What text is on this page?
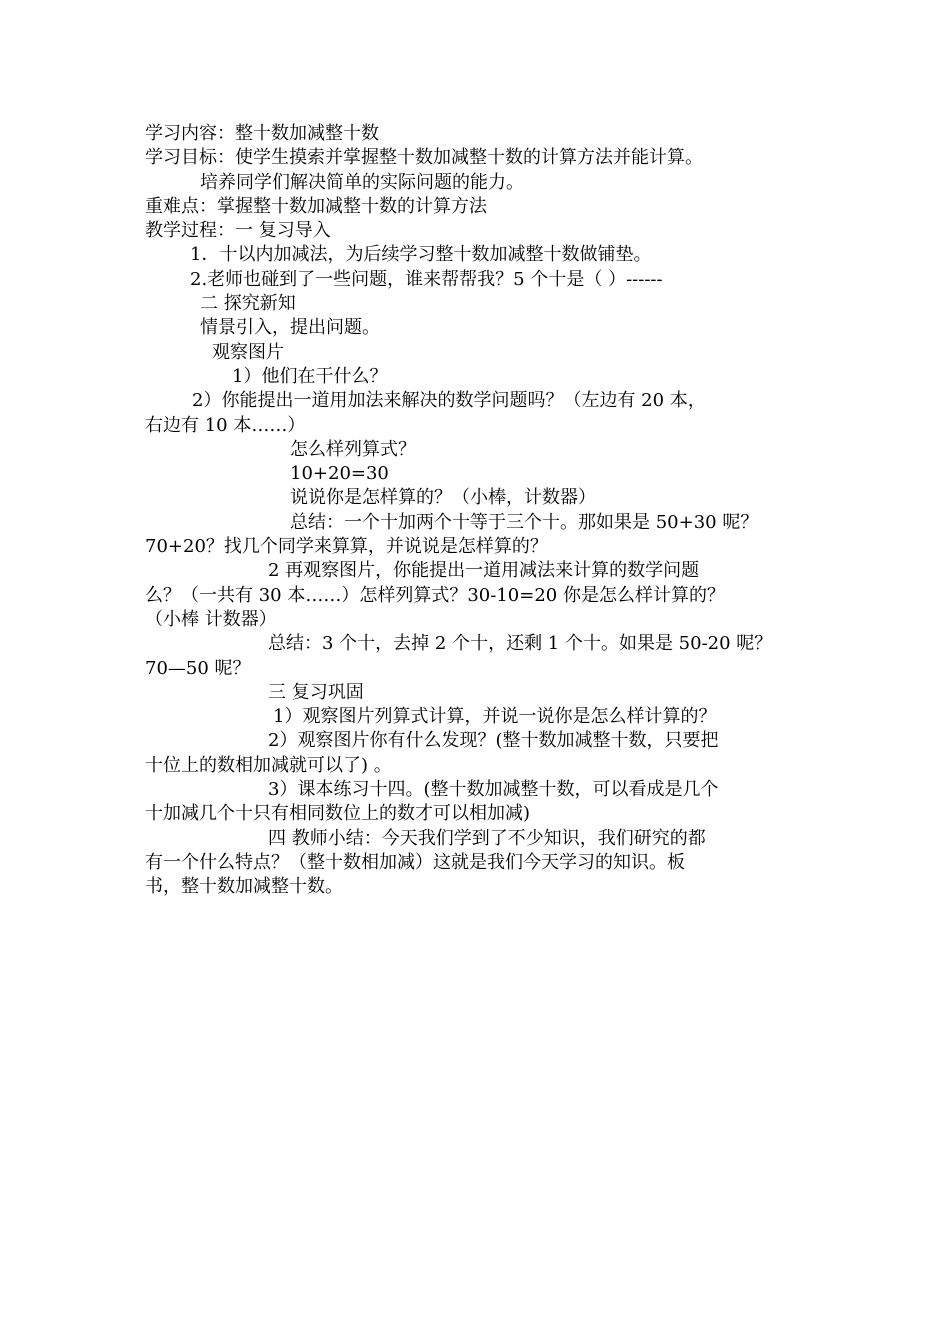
学习内容：整十数加减整十数
学习目标：使学生摸索并掌握整十数加减整十数的计算方法并能计算。
培养同学们解决简单的实际问题的能力。
重难点：掌握整十数加减整十数的计算方法
教学过程：一 复习导入
1．十以内加减法，为后续学习整十数加减整十数做铺垫。
2.老师也碰到了一些问题，谁来帮帮我？5 个十是（ ）------
二 探究新知
情景引入，提出问题。
观察图片
1）他们在干什么？
2）你能提出一道用加法来解决的数学问题吗？（左边有 20 本，
右边有 10 本……）
怎么样列算式？
10+20=30
说说你是怎样算的？（小棒，计数器）
总结：一个十加两个十等于三个十。那如果是 50+30 呢？
70+20？找几个同学来算算，并说说是怎样算的？
2 再观察图片，你能提出一道用减法来计算的数学问题
么？（一共有 30 本……）怎样列算式？30-10=20 你是怎么样计算的？
（小棒 计数器）
总结：3 个十，去掉 2 个十，还剩 1 个十。如果是 50-20 呢？
70—50 呢？
三 复习巩固
1）观察图片列算式计算，并说一说你是怎么样计算的？
2）观察图片你有什么发现？(整十数加减整十数，只要把
十位上的数相加减就可以了) 。
3）课本练习十四。(整十数加减整十数，可以看成是几个
十加减几个十只有相同数位上的数才可以相加减)
四 教师小结：今天我们学到了不少知识，我们研究的都
有一个什么特点？（整十数相加减）这就是我们今天学习的知识。板
书，整十数加减整十数。
